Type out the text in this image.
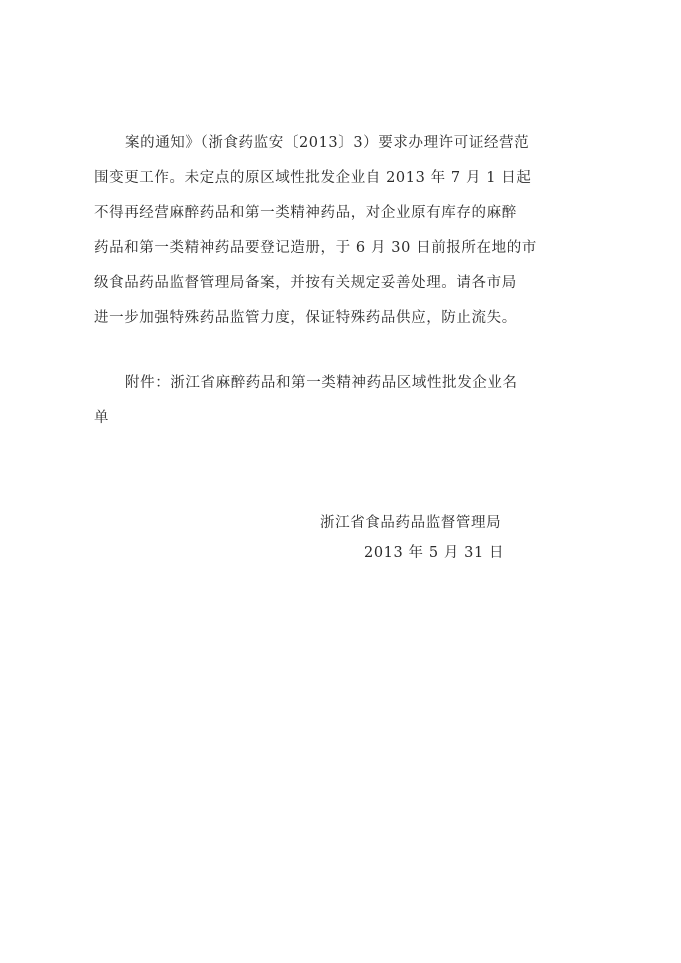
案的通知》（浙食药监安〔2013〕3）要求办理许可证经营范
围变更工作。未定点的原区域性批发企业自 2013 年 7 月 1 日起
不得再经营麻醉药品和第一类精神药品，对企业原有库存的麻醉
药品和第一类精神药品要登记造册，于 6 月 30 日前报所在地的市
级食品药品监督管理局备案，并按有关规定妥善处理。请各市局
进一步加强特殊药品监管力度，保证特殊药品供应，防止流失。
附件：浙江省麻醉药品和第一类精神药品区域性批发企业名
单
浙江省食品药品监督管理局
2013 年 5 月 31 日
